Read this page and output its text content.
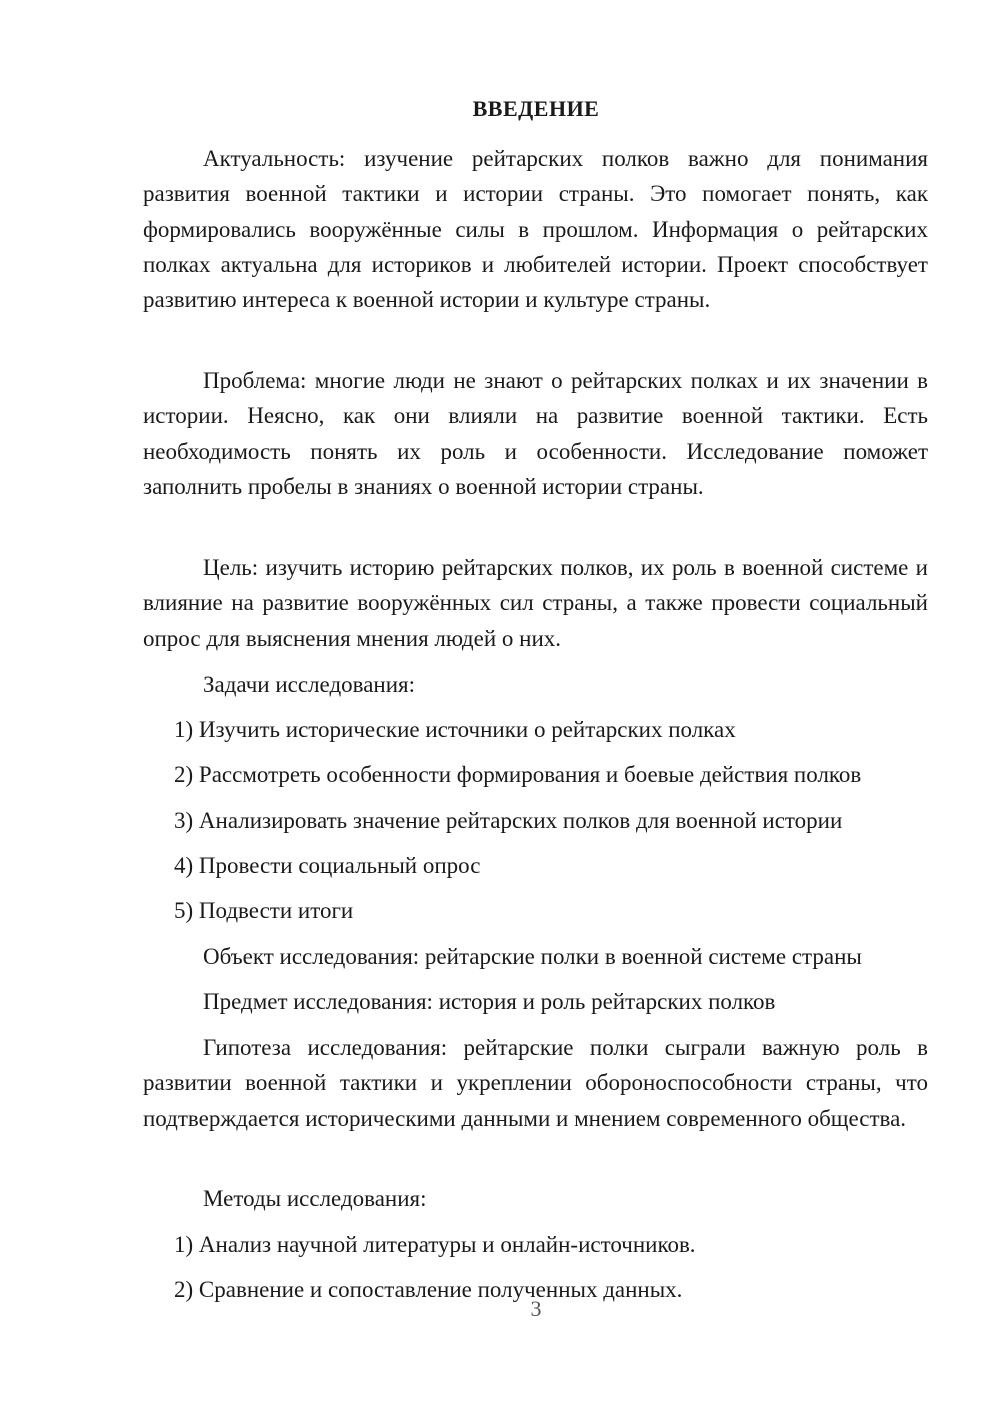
ВВЕДЕНИЕ

Актуальность: изучение рейтарских полков важно для понимания развития военной тактики и истории страны. Это помогает понять, как формировались вооружённые силы в прошлом. Информация о рейтарских полках актуальна для историков и любителей истории. Проект способствует развитию интереса к военной истории и культуре страны.

Проблема: многие люди не знают о рейтарских полках и их значении в истории. Неясно, как они влияли на развитие военной тактики. Есть необходимость понять их роль и особенности. Исследование поможет заполнить пробелы в знаниях о военной истории страны.

Цель: изучить историю рейтарских полков, их роль в военной системе и влияние на развитие вооружённых сил страны, а также провести социальный опрос для выяснения мнения людей о них.

Задачи исследования:

1) Изучить исторические источники о рейтарских полках

2) Рассмотреть особенности формирования и боевые действия полков

3) Анализировать значение рейтарских полков для военной истории

4) Провести социальный опрос

5) Подвести итоги

Объект исследования: рейтарские полки в военной системе страны

Предмет исследования: история и роль рейтарских полков

Гипотеза исследования: рейтарские полки сыграли важную роль в развитии военной тактики и укреплении обороноспособности страны, что подтверждается историческими данными и мнением современного общества.

Методы исследования:

1) Анализ научной литературы и онлайн-источников.

2) Сравнение и сопоставление полученных данных.

3
